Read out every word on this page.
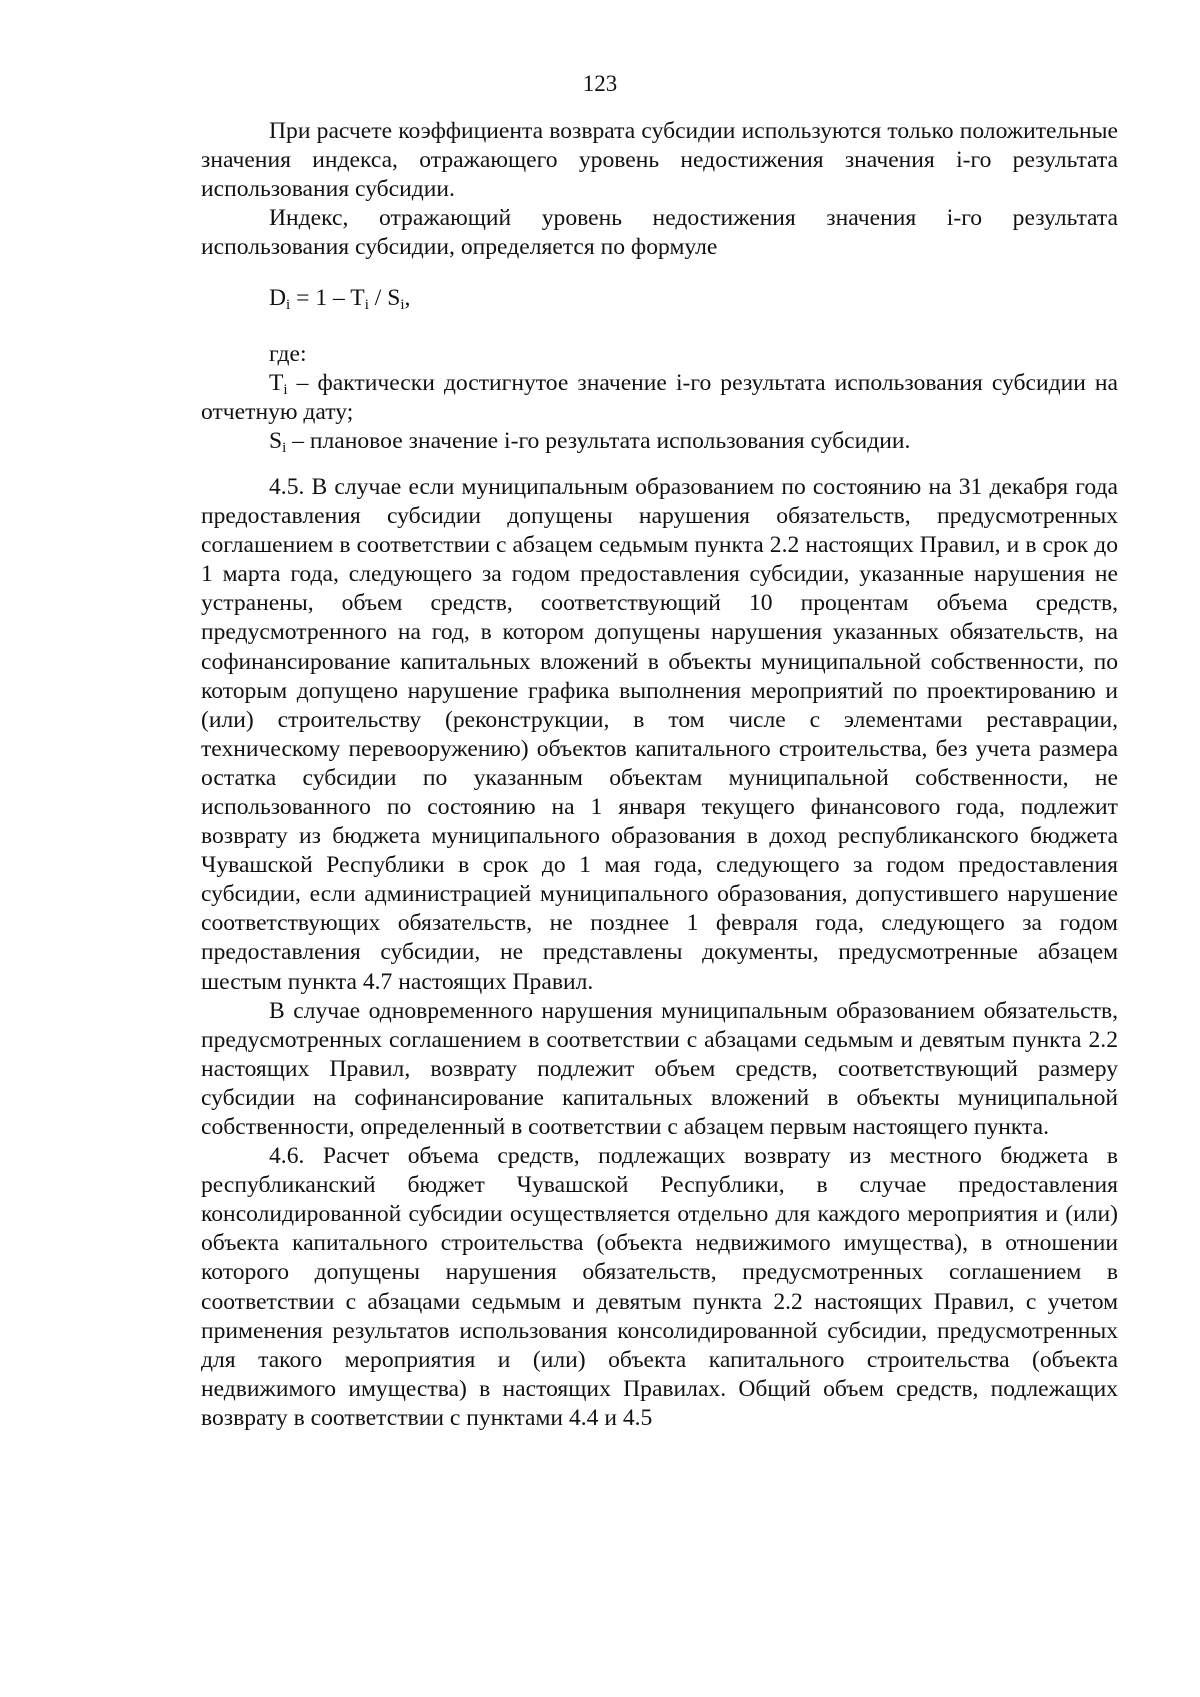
123

При расчете коэффициента возврата субсидии используются только положительные значения индекса, отражающего уровень недостижения значения i-го результата использования субсидии.

Индекс, отражающий уровень недостижения значения i-го результата использования субсидии, определяется по формуле

$D_i = 1 - T_i / S_i$,

где:

$T_i$ – фактически достигнутое значение i-го результата использования субсидии на отчетную дату;

$S_i$ – плановое значение i-го результата использования субсидии.

4.5. В случае если муниципальным образованием по состоянию на 31 декабря года предоставления субсидии допущены нарушения обязательств, предусмотренных соглашением в соответствии с абзацем седьмым пункта 2.2 настоящих Правил, и в срок до 1 марта года, следующего за годом предоставления субсидии, указанные нарушения не устранены, объем средств, соответствующий 10 процентам объема средств, предусмотренного на год, в котором допущены нарушения указанных обязательств, на софинансирование капитальных вложений в объекты муниципальной собственности, по которым допущено нарушение графика выполнения мероприятий по проектированию и (или) строительству (реконструкции, в том числе с элементами реставрации, техническому перевооружению) объектов капитального строительства, без учета размера остатка субсидии по указанным объектам муниципальной собственности, не использованного по состоянию на 1 января текущего финансового года, подлежит возврату из бюджета муниципального образования в доход республиканского бюджета Чувашской Республики в срок до 1 мая года, следующего за годом предоставления субсидии, если администрацией муниципального образования, допустившего нарушение соответствующих обязательств, не позднее 1 февраля года, следующего за годом предоставления субсидии, не представлены документы, предусмотренные абзацем шестым пункта 4.7 настоящих Правил.

В случае одновременного нарушения муниципальным образованием обязательств, предусмотренных соглашением в соответствии с абзацами седьмым и девятым пункта 2.2 настоящих Правил, возврату подлежит объем средств, соответствующий размеру субсидии на софинансирование капитальных вложений в объекты муниципальной собственности, определенный в соответствии с абзацем первым настоящего пункта.

4.6. Расчет объема средств, подлежащих возврату из местного бюджета в республиканский бюджет Чувашской Республики, в случае предоставления консолидированной субсидии осуществляется отдельно для каждого мероприятия и (или) объекта капитального строительства (объекта недвижимого имущества), в отношении которого допущены нарушения обязательств, предусмотренных соглашением в соответствии с абзацами седьмым и девятым пункта 2.2 настоящих Правил, с учетом применения результатов использования консолидированной субсидии, предусмотренных для такого мероприятия и (или) объекта капитального строительства (объекта недвижимого имущества) в настоящих Правилах. Общий объем средств, подлежащих возврату в соответствии с пунктами 4.4 и 4.5
